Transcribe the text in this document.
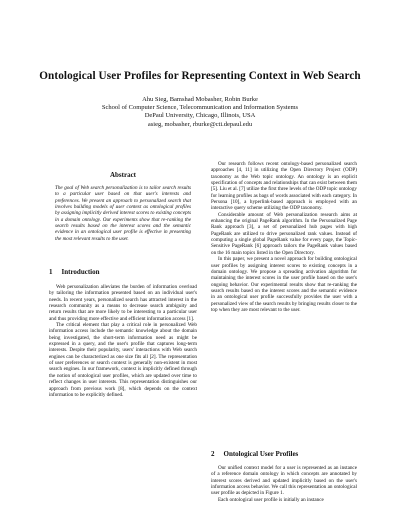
Ontological User Profiles for Representing Context in Web Search
Ahu Sieg, Bamshad Mobasher, Robin Burke
School of Computer Science, Telecommunication and Information Systems
DePaul University, Chicago, Illinois, USA
asieg, mobasher, rburke@cti.depaul.edu
Abstract
The goal of Web search personalization is to tailor search results to a particular user based on that user's interests and preferences. We present an approach to personalized search that involves building models of user context as ontological profiles by assigning implicitly derived interest scores to existing concepts in a domain ontology. Our experiments show that re-ranking the search results based on the interest scores and the semantic evidence in an ontological user profile is effective in presenting the most relevant results to the user.
1 Introduction

Web personalization alleviates the burden of information overload by tailoring the information presented based on an individual user's needs. In recent years, personalized search has attracted interest in the research community as a means to decrease search ambiguity and return results that are more likely to be interesting to a particular user and thus providing more effective and efficient information access [1].

The critical element that play a critical role in personalized Web information access include the semantic knowledge about the domain being investigated, the short-term information need as might be expressed in a query, and the user's profile that captures long-term interests. Despite their popularity, users' interactions with Web search engines can be characterized as one size fits all [2]. The representation of user preferences or search context is generally non-existent in most search engines. In our framework, context is implicitly defined through the notion of ontological user profiles, which are updated over time to reflect changes in user interests. This representation distinguishes our approach from previous work [8], which depends on the context information to be explicitly defined.

Our research follows recent ontology-based personalized search approaches [4, 11] in utilizing the Open Directory Project (ODP) taxonomy as the Web topic ontology. An ontology is an explicit specification of concepts and relationships that can exist between them [5]. Liu et al. [7] utilize the first three levels of the ODP topic ontology for learning profiles as bags of words associated with each category. In Persona [10], a hyperlink-based approach is employed with an interactive query scheme utilizing the ODP taxonomy.

Considerable amount of Web personalization research aims at enhancing the original PageRank algorithm. In the Personalized Page Rank approach [3], a set of personalized hub pages with high PageRank are utilized to drive personalized rank values. Instead of computing a single global PageRank value for every page, the Topic-Sensitive PageRank [6] approach tailors the PageRank values based on the 16 main topics listed in the Open Directory.

In this paper, we present a novel approach for building ontological user profiles by assigning interest scores to existing concepts in a domain ontology. We propose a spreading activation algorithm for maintaining the interest scores in the user profile based on the user's ongoing behavior. Our experimental results show that re-ranking the search results based on the interest scores and the semantic evidence in an ontological user profile successfully provides the user with a personalized view of the search results by bringing results closer to the top when they are most relevant to the user.

2 Ontological User Profiles

Our unified context model for a user is represented as an instance of a reference domain ontology in which concepts are annotated by interest scores derived and updated implicitly based on the user's information access behavior. We call this representation an ontological user profile as depicted in Figure 1.

Each ontological user profile is initially an instance
